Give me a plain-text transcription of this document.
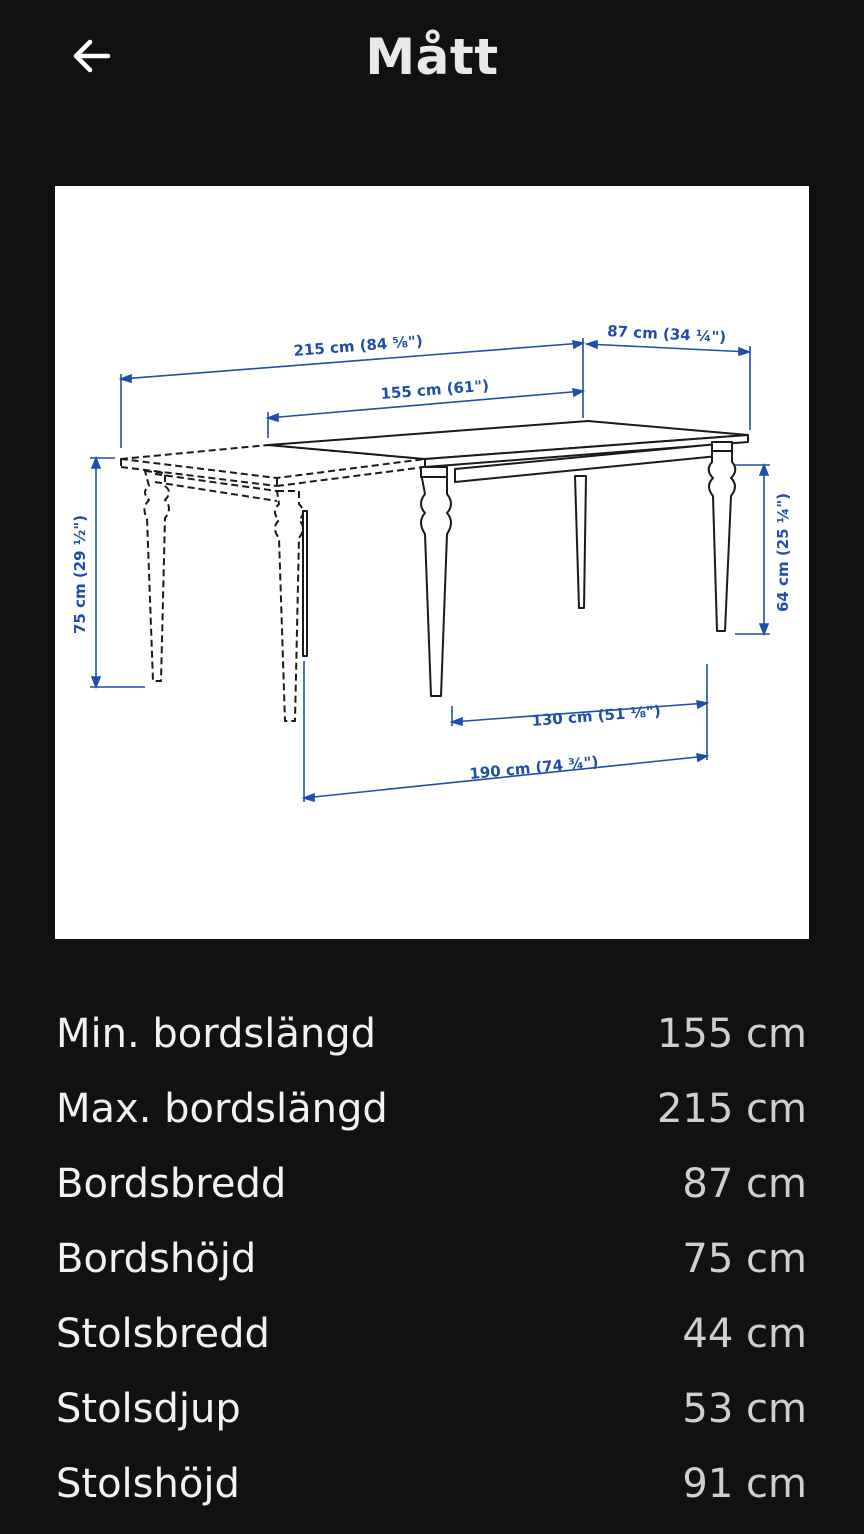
Mått
215 cm (84 ⅝")	87 cm (34 ¼")
155 cm (61")
75 cm (29 ½")	64 cm (25 ¼")
130 cm (51 ⅛")
190 cm (74 ¾")
Min. bordslängd	155 cm
Max. bordslängd	215 cm
Bordsbredd	87 cm
Bordshöjd	75 cm
Stolsbredd	44 cm
Stolsdjup	53 cm
Stolshöjd	91 cm
